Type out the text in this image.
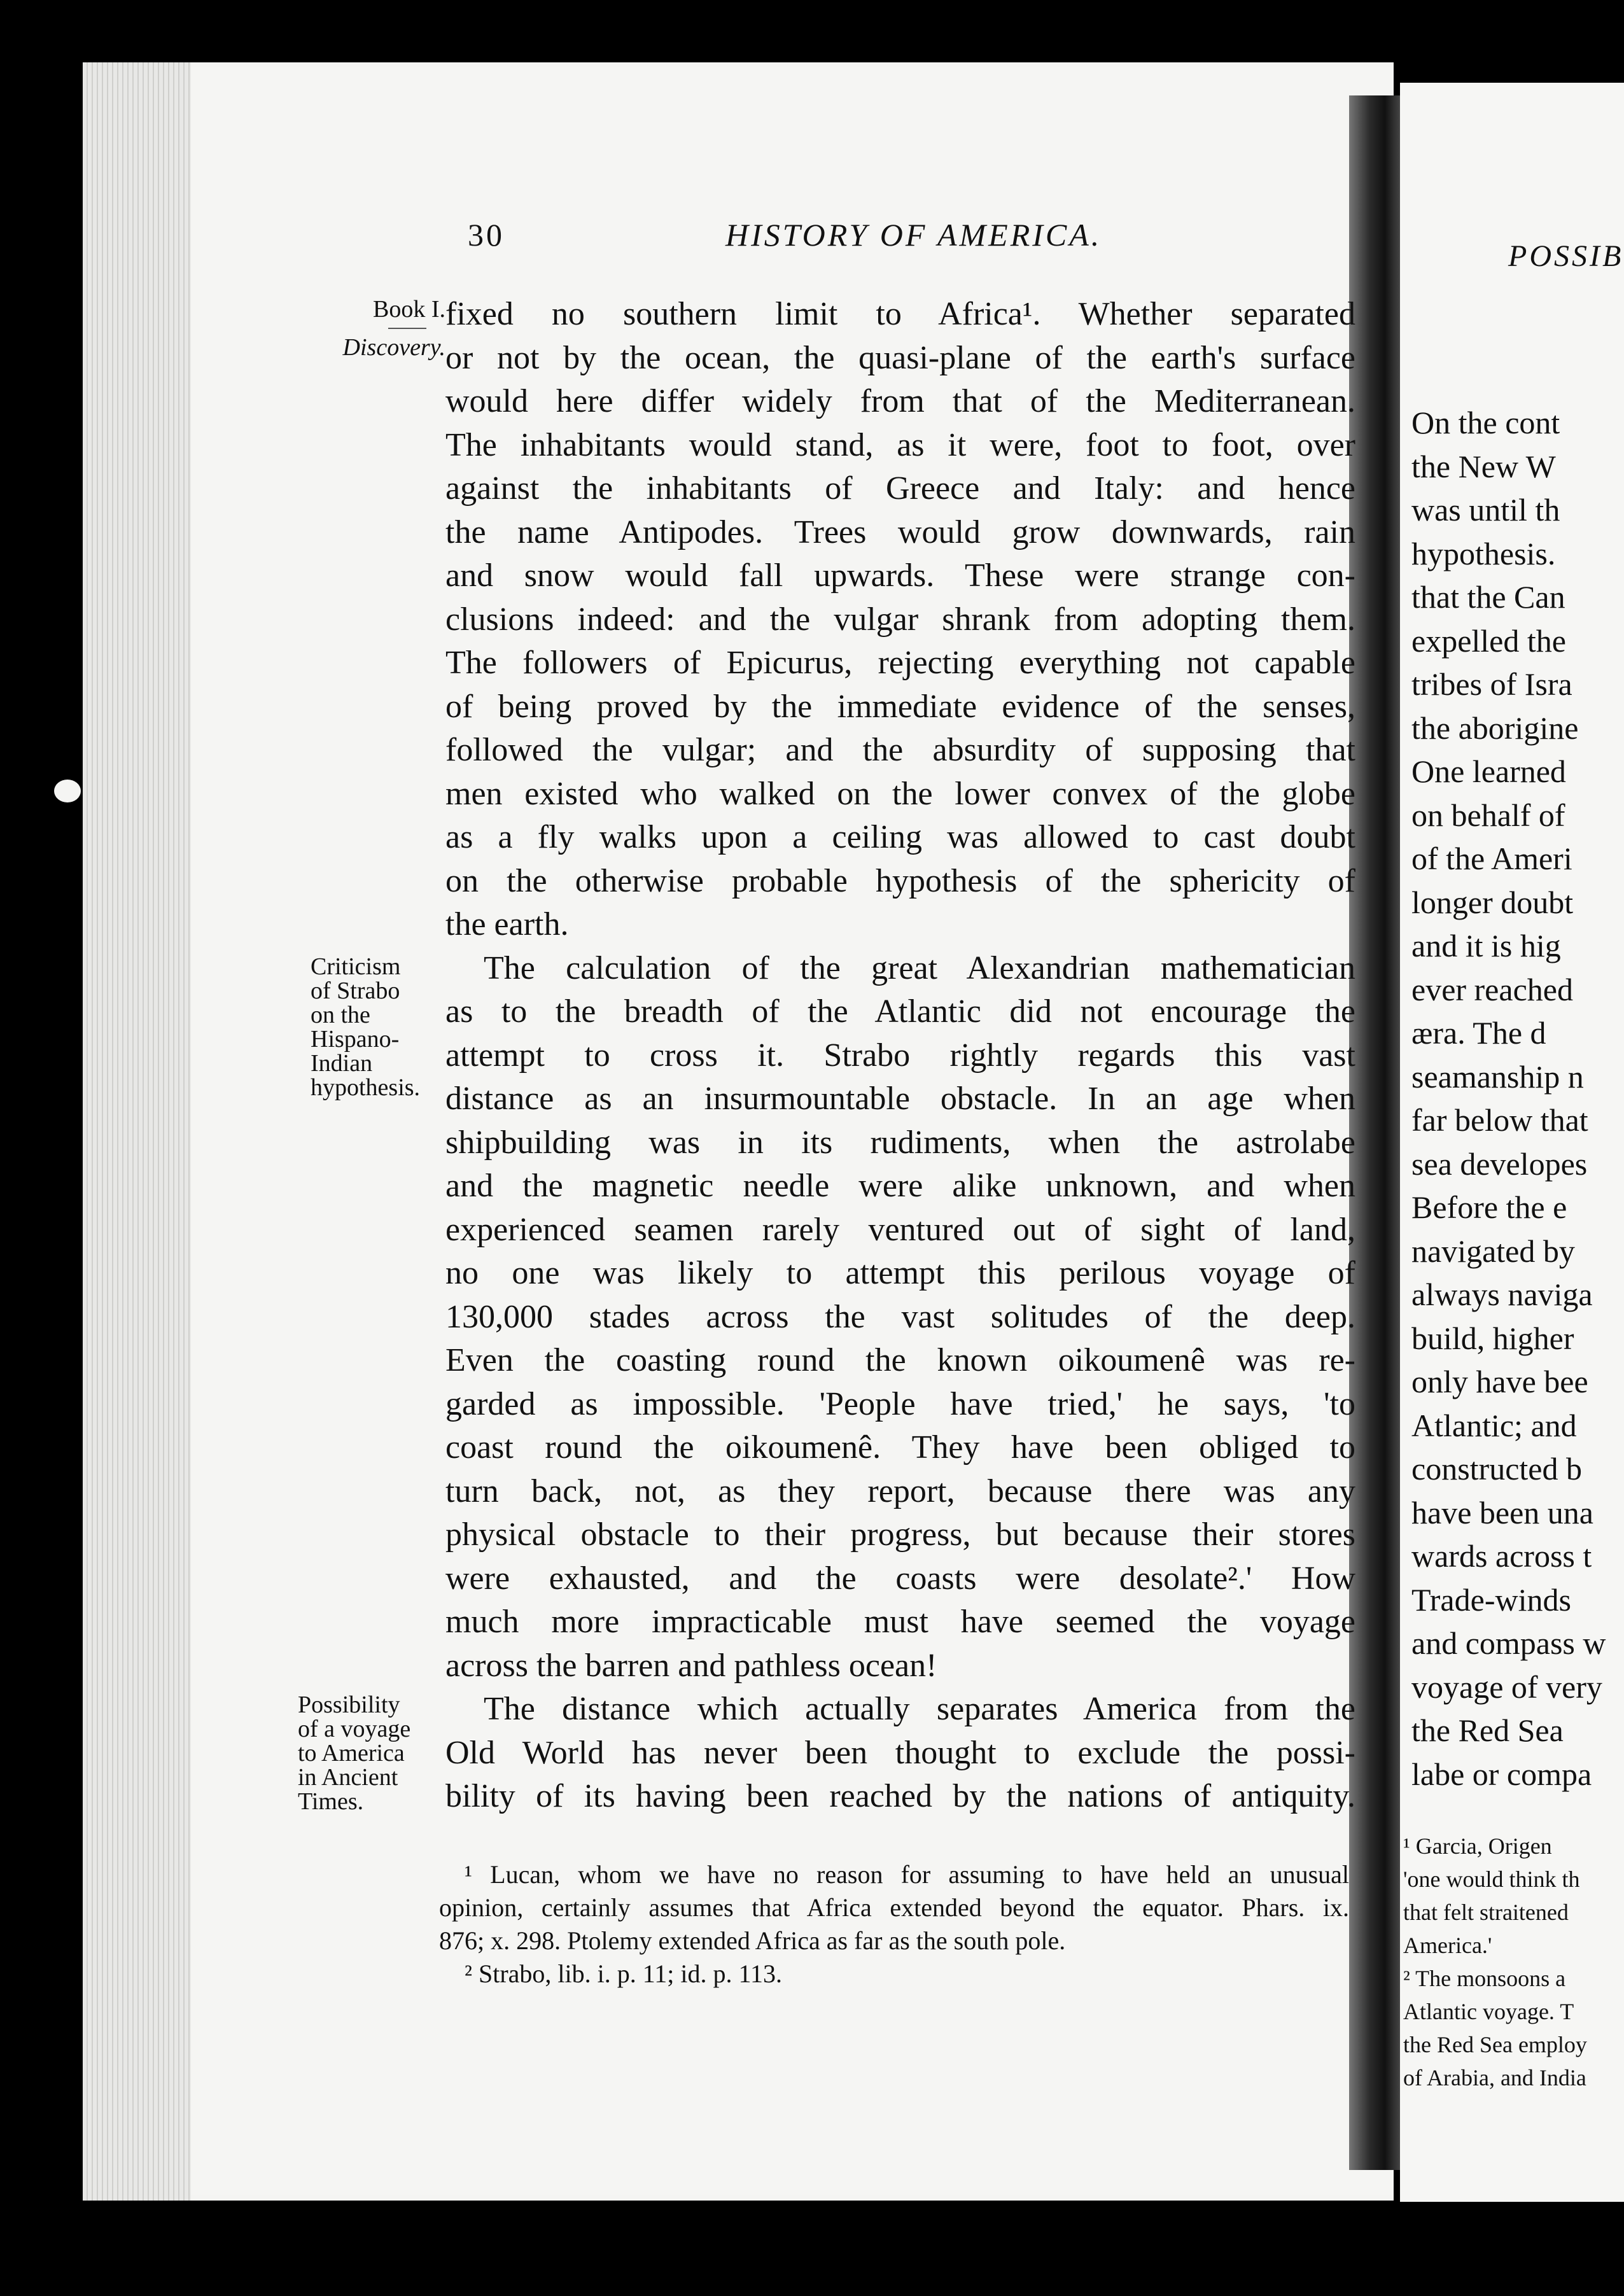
30	HISTORY OF AMERICA.
Book I.
Discovery.
Criticism
of Strabo
on the
Hispano-
Indian
hypothesis.
Possibility
of a voyage
to America
in Ancient
Times.
fixed no southern limit to Africa¹. Whether separated
or not by the ocean, the quasi-plane of the earth's surface
would here differ widely from that of the Mediterranean.
The inhabitants would stand, as it were, foot to foot, over
against the inhabitants of Greece and Italy: and hence
the name Antipodes. Trees would grow downwards, rain
and snow would fall upwards. These were strange con-
clusions indeed: and the vulgar shrank from adopting them.
The followers of Epicurus, rejecting everything not capable
of being proved by the immediate evidence of the senses,
followed the vulgar; and the absurdity of supposing that
men existed who walked on the lower convex of the globe
as a fly walks upon a ceiling was allowed to cast doubt
on the otherwise probable hypothesis of the sphericity of
the earth.
The calculation of the great Alexandrian mathematician
as to the breadth of the Atlantic did not encourage the
attempt to cross it. Strabo rightly regards this vast
distance as an insurmountable obstacle. In an age when
shipbuilding was in its rudiments, when the astrolabe
and the magnetic needle were alike unknown, and when
experienced seamen rarely ventured out of sight of land,
no one was likely to attempt this perilous voyage of
130,000 stades across the vast solitudes of the deep.
Even the coasting round the known oikoumenê was re-
garded as impossible. 'People have tried,' he says, 'to
coast round the oikoumenê. They have been obliged to
turn back, not, as they report, because there was any
physical obstacle to their progress, but because their stores
were exhausted, and the coasts were desolate².' How
much more impracticable must have seemed the voyage
across the barren and pathless ocean!
The distance which actually separates America from the
Old World has never been thought to exclude the possi-
bility of its having been reached by the nations of antiquity.
¹ Lucan, whom we have no reason for assuming to have held an unusual
opinion, certainly assumes that Africa extended beyond the equator. Phars. ix.
876; x. 298. Ptolemy extended Africa as far as the south pole.
² Strabo, lib. i. p. 11; id. p. 113.
POSSIB
On the cont
the New W
was until th
hypothesis.
that the Can
expelled the
tribes of Isra
the aborigine
One learned
on behalf of
of the Ameri
longer doubt
and it is hig
ever reached
æra. The d
seamanship n
far below that
sea developes
Before the e
navigated by
always naviga
build, higher
only have bee
Atlantic; and
constructed b
have been una
wards across t
Trade-winds
and compass w
voyage of very
the Red Sea
labe or compa
¹ Garcia, Origen
'one would think th
that felt straitened
America.'
² The monsoons a
Atlantic voyage. T
the Red Sea employ
of Arabia, and India
